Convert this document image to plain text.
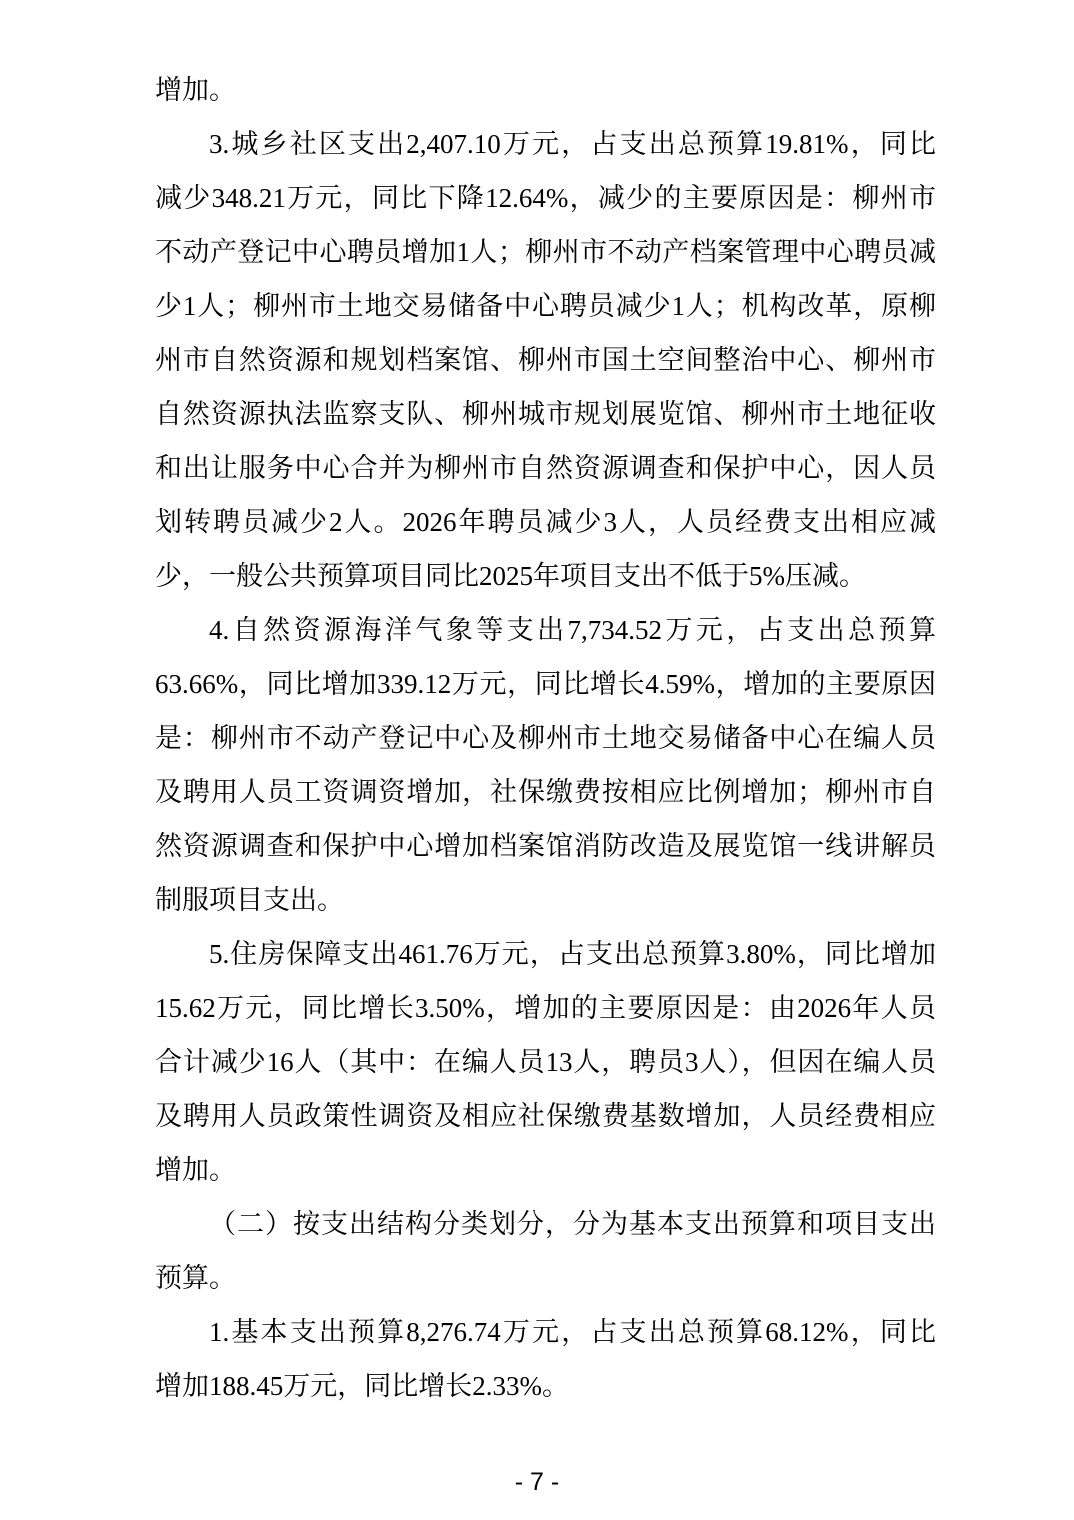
增加。
3.城乡社区支出2,407.10万元，占支出总预算19.81%，同比
减少348.21万元，同比下降12.64%，减少的主要原因是：柳州市
不动产登记中心聘员增加1人；柳州市不动产档案管理中心聘员减
少1人；柳州市土地交易储备中心聘员减少1人；机构改革，原柳
州市自然资源和规划档案馆、柳州市国土空间整治中心、柳州市
自然资源执法监察支队、柳州城市规划展览馆、柳州市土地征收
和出让服务中心合并为柳州市自然资源调查和保护中心，因人员
划转聘员减少2人。2026年聘员减少3人，人员经费支出相应减
少，一般公共预算项目同比2025年项目支出不低于5%压减。
4.自然资源海洋气象等支出7,734.52万元，占支出总预算
63.66%，同比增加339.12万元，同比增长4.59%，增加的主要原因
是：柳州市不动产登记中心及柳州市土地交易储备中心在编人员
及聘用人员工资调资增加，社保缴费按相应比例增加；柳州市自
然资源调查和保护中心增加档案馆消防改造及展览馆一线讲解员
制服项目支出。
5.住房保障支出461.76万元，占支出总预算3.80%，同比增加
15.62万元，同比增长3.50%，增加的主要原因是：由2026年人员
合计减少16人（其中：在编人员13人，聘员3人），但因在编人员
及聘用人员政策性调资及相应社保缴费基数增加，人员经费相应
增加。
（二）按支出结构分类划分，分为基本支出预算和项目支出
预算。
1.基本支出预算8,276.74万元，占支出总预算68.12%，同比
增加188.45万元，同比增长2.33%。
- 7 -
